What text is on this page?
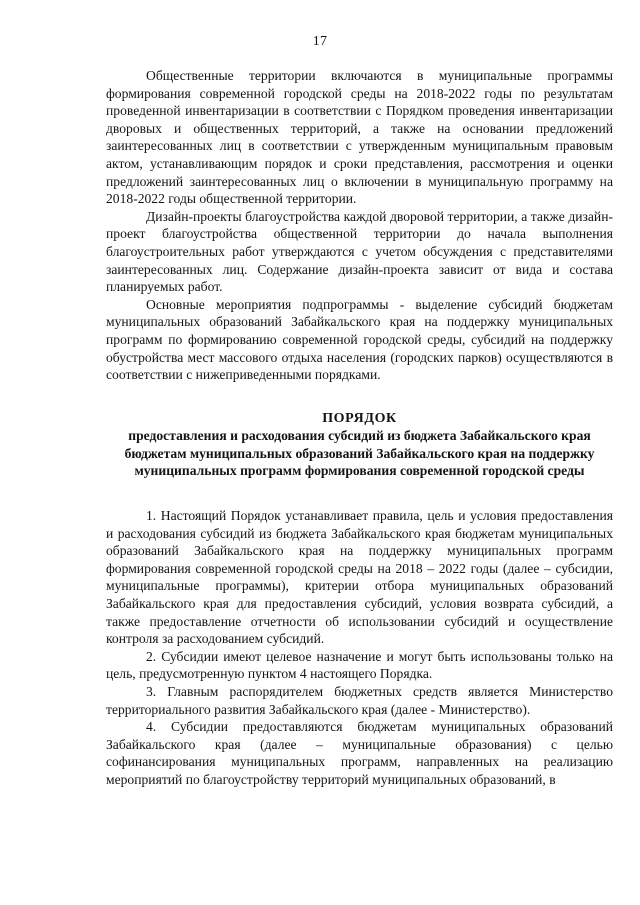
17

Общественные территории включаются в муниципальные программы формирования современной городской среды на 2018-2022 годы по результатам проведенной инвентаризации в соответствии с Порядком проведения инвентаризации дворовых и общественных территорий, а также на основании предложений заинтересованных лиц в соответствии с утвержденным муниципальным правовым актом, устанавливающим порядок и сроки представления, рассмотрения и оценки предложений заинтересованных лиц о включении в муниципальную программу на 2018-2022 годы общественной территории.

Дизайн-проекты благоустройства каждой дворовой территории, а также дизайн-проект благоустройства общественной территории до начала выполнения благоустроительных работ утверждаются с учетом обсуждения с представителями заинтересованных лиц. Содержание дизайн-проекта зависит от вида и состава планируемых работ.

Основные мероприятия подпрограммы - выделение субсидий бюджетам муниципальных образований Забайкальского края на поддержку муниципальных программ по формированию современной городской среды, субсидий на поддержку обустройства мест массового отдыха населения (городских парков) осуществляются в соответствии с нижеприведенными порядками.

ПОРЯДОК
предоставления и расходования субсидий из бюджета Забайкальского края бюджетам муниципальных образований Забайкальского края на поддержку муниципальных программ формирования современной городской среды

1. Настоящий Порядок устанавливает правила, цель и условия предоставления и расходования субсидий из бюджета Забайкальского края бюджетам муниципальных образований Забайкальского края на поддержку муниципальных программ формирования современной городской среды на 2018 – 2022 годы (далее – субсидии, муниципальные программы), критерии отбора муниципальных образований Забайкальского края для предоставления субсидий, условия возврата субсидий, а также предоставление отчетности об использовании субсидий и осуществление контроля за расходованием субсидий.

2. Субсидии имеют целевое назначение и могут быть использованы только на цель, предусмотренную пунктом 4 настоящего Порядка.

3. Главным распорядителем бюджетных средств является Министерство территориального развития Забайкальского края (далее - Министерство).

4. Субсидии предоставляются бюджетам муниципальных образований Забайкальского края (далее – муниципальные образования) с целью софинансирования муниципальных программ, направленных на реализацию мероприятий по благоустройству территорий муниципальных образований, в
